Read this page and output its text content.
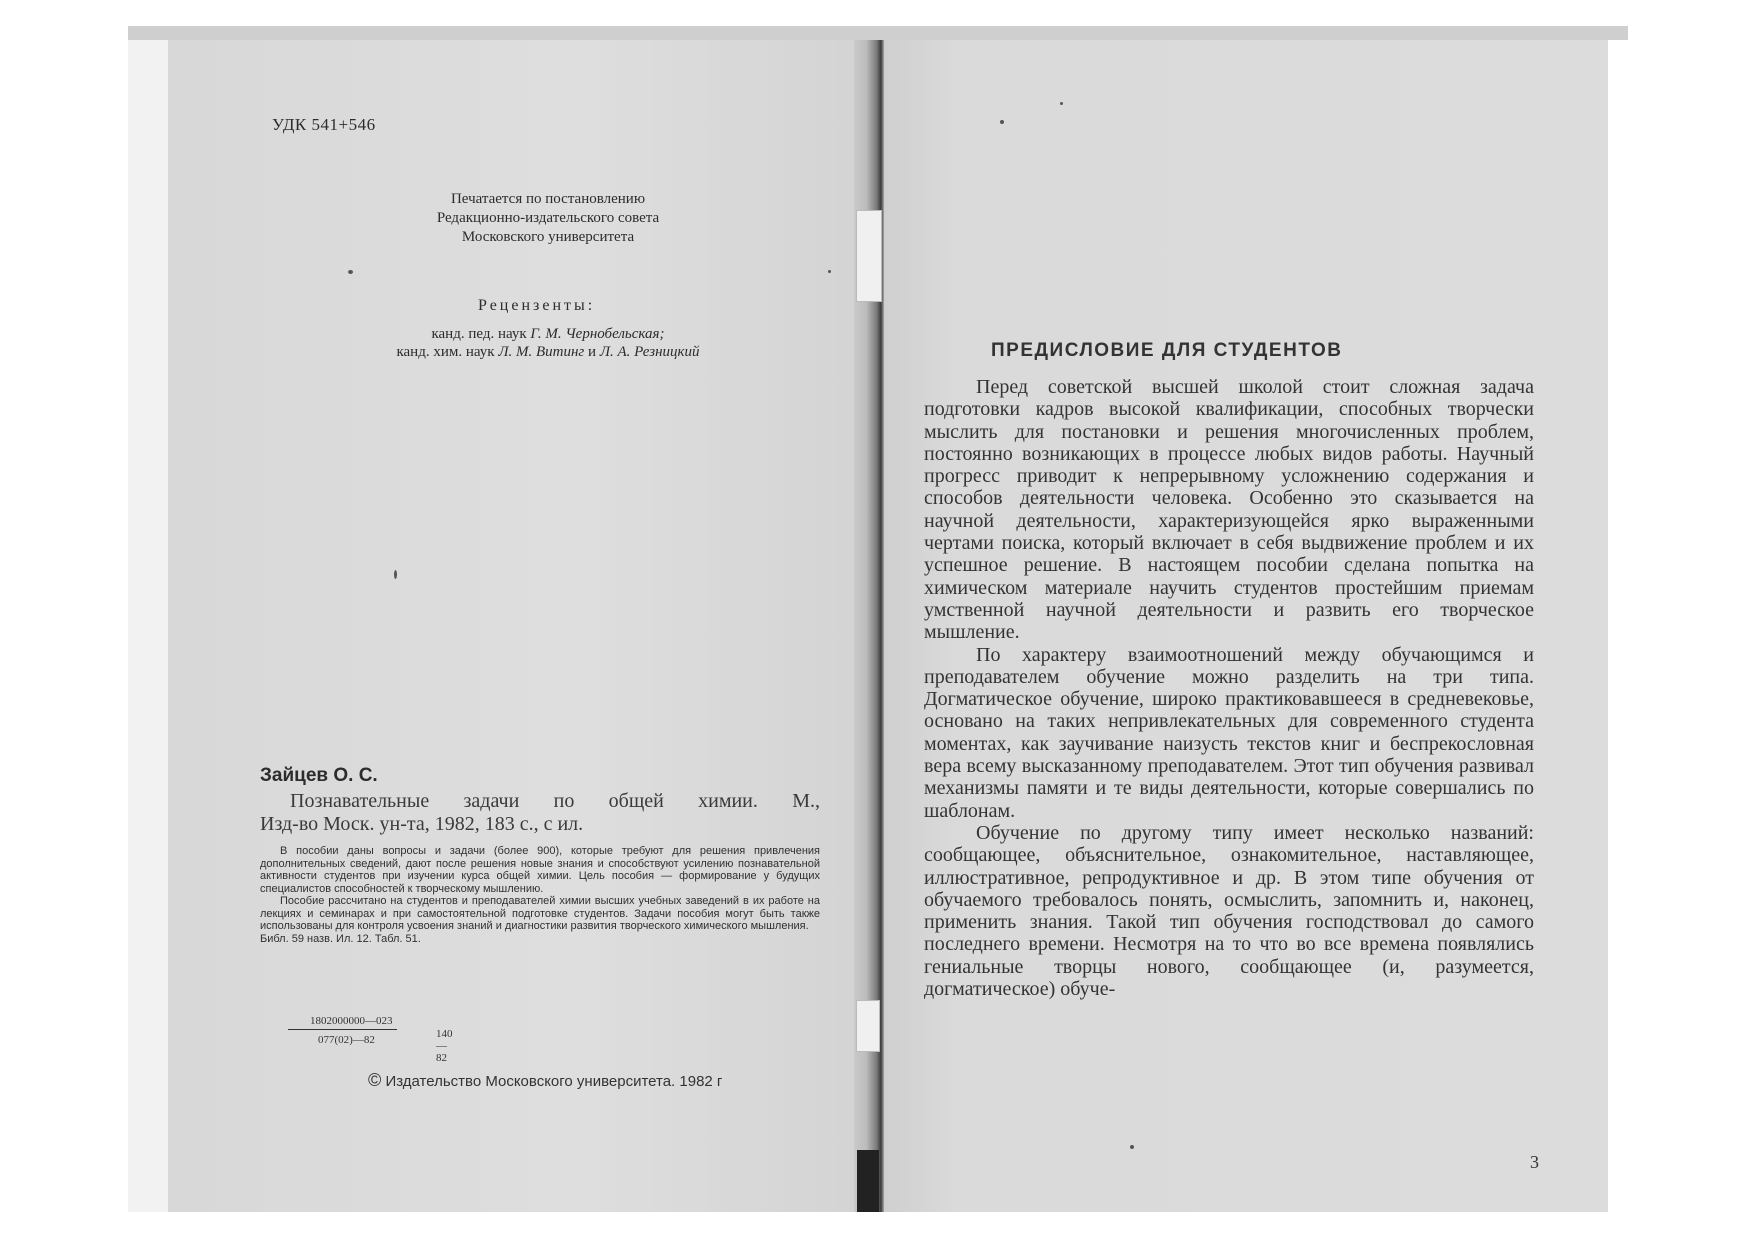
УДК 541+546
Печатается по постановлению
Редакционно-издательского совета
Московского университета
Рецензенты:
канд. пед. наук Г. М. Чернобельская;
канд. хим. наук Л. М. Витинг и Л. А. Резницкий
Зайцев О. С.
Познавательные задачи по общей химии. М.,
Изд-во Моск. ун-та, 1982, 183 с., с ил.

В пособии даны вопросы и задачи (более 900), которые требуют для решения привлечения дополнительных сведений, дают после решения новые знания и способствуют усилению познавательной активности студентов при изучении курса общей химии. Цель пособия — формирование у будущих специалистов способностей к творческому мышлению.

Пособие рассчитано на студентов и преподавателей химии высших учебных заведений в их работе на лекциях и семинарах и при самостоятельной подготовке студентов. Задачи пособия могут быть также использованы для контроля усвоения знаний и диагностики развития творческого химического мышления.

Библ. 59 назв. Ил. 12. Табл. 51.

1802000000—023
077(02)—82	140—82
© Издательство Московского университета. 1982 г
ПРЕДИСЛОВИЕ ДЛЯ СТУДЕНТОВ

Перед советской высшей школой стоит сложная задача подготовки кадров высокой квалификации, способных творчески мыслить для постановки и решения многочисленных проблем, постоянно возникающих в процессе любых видов работы. Научный прогресс приводит к непрерывному усложнению содержания и способов деятельности человека. Особенно это сказывается на научной деятельности, характеризующейся ярко выраженными чертами поиска, который включает в себя выдвижение проблем и их успешное решение. В настоящем пособии сделана попытка на химическом материале научить студентов простейшим приемам умственной научной деятельности и развить его творческое мышление.

По характеру взаимоотношений между обучающимся и преподавателем обучение можно разделить на три типа. Догматическое обучение, широко практиковавшееся в средневековье, основано на таких непривлекательных для современного студента моментах, как заучивание наизусть текстов книг и беспрекословная вера всему высказанному преподавателем. Этот тип обучения развивал механизмы памяти и те виды деятельности, которые совершались по шаблонам.

Обучение по другому типу имеет несколько названий: сообщающее, объяснительное, ознакомительное, наставляющее, иллюстративное, репродуктивное и др. В этом типе обучения от обучаемого требовалось понять, осмыслить, запомнить и, наконец, применить знания. Такой тип обучения господствовал до самого последнего времени. Несмотря на то что во все времена появлялись гениальные творцы нового, сообщающее (и, разумеется, догматическое) обуче-

3
